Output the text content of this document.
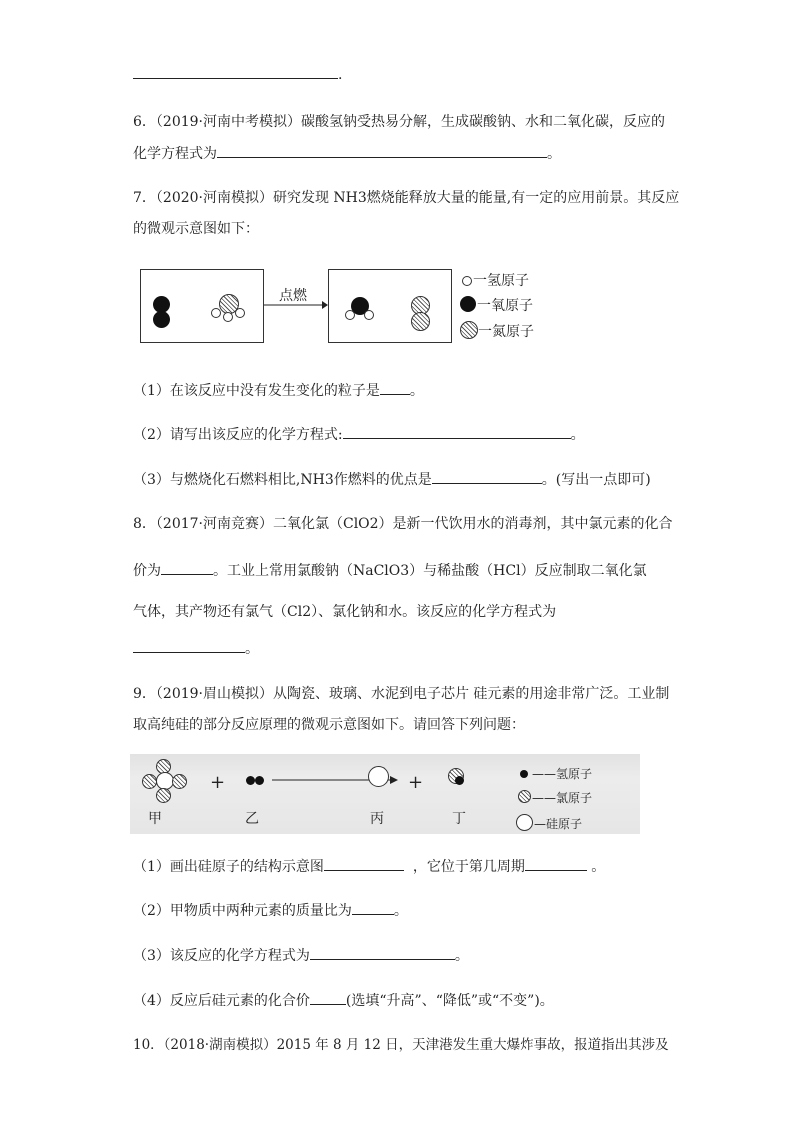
.
6．（2019·河南中考模拟）碳酸氢钠受热易分解，生成碳酸钠、水和二氧化碳，反应的
化学方程式为	。
7．（2020·河南模拟）研究发现 NH3燃烧能释放大量的能量,有一定的应用前景。其反应
的微观示意图如下：
点燃
一氢原子
一氧原子
一氮原子
（1）在该反应中没有发生变化的粒子是 。
（2）请写出该反应的化学方程式:	。
（3）与燃烧化石燃料相比,NH3作燃料的优点是	。(写出一点即可)
8．（2017·河南竞赛）二氧化氯（ClO2）是新一代饮用水的消毒剂，其中氯元素的化合
价为	。工业上常用氯酸钠（NaClO3）与稀盐酸（HCl）反应制取二氧化氯
气体，其产物还有氯气（Cl2）、氯化钠和水。该反应的化学方程式为
。
9．（2019·眉山模拟）从陶瓷、玻璃、水泥到电子芯片 硅元素的用途非常广泛。工业制
取高纯硅的部分反应原理的微观示意图如下。请回答下列问题：
甲
+
乙	丙
+
丁
——氢原子
——氯原子
—硅原子
（1）画出硅原子的结构示意图	，它位于第几周期	。
（2）甲物质中两种元素的质量比为	。
（3）该反应的化学方程式为	。
（4）反应后硅元素的化合价	(选填“升高”、“降低”或“不变”)。
10．（2018·湖南模拟）2015 年 8 月 12 日，天津港发生重大爆炸事故，报道指出其涉及
